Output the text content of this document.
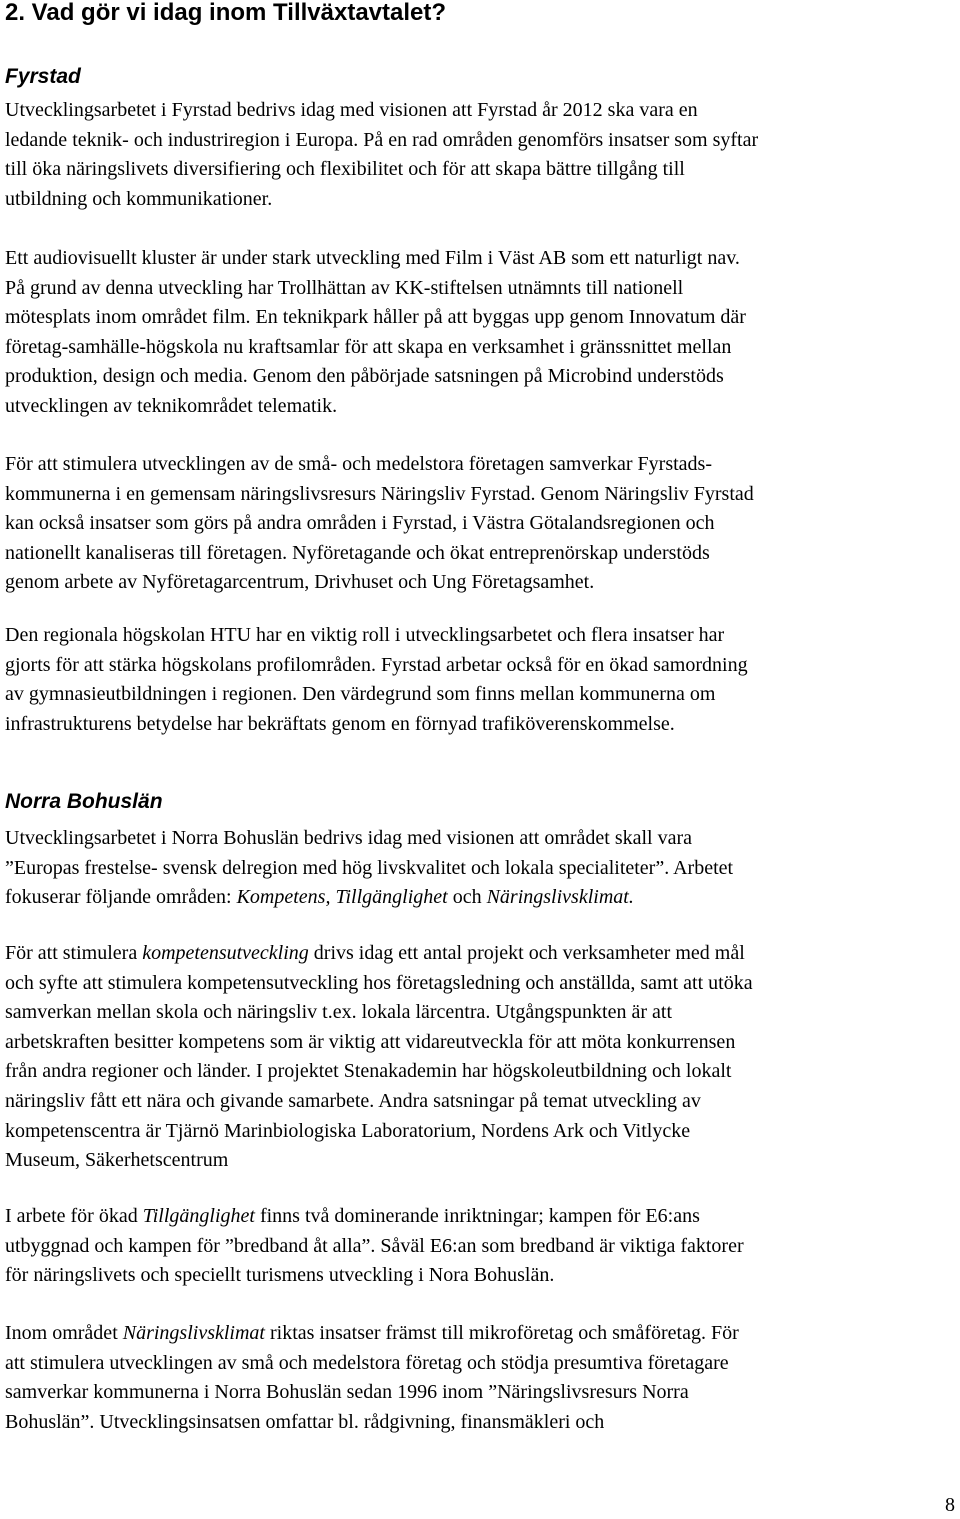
2. Vad gör vi idag inom Tillväxtavtalet?
Fyrstad

Utvecklingsarbetet i Fyrstad bedrivs idag med visionen att Fyrstad år 2012 ska vara en
ledande teknik- och industriregion i Europa. På en rad områden genomförs insatser som syftar
till öka näringslivets diversifiering och flexibilitet och för att skapa bättre tillgång till
utbildning och kommunikationer.

Ett audiovisuellt kluster är under stark utveckling med Film i Väst AB som ett naturligt nav.
På grund av denna utveckling har Trollhättan av KK-stiftelsen utnämnts till nationell
mötesplats inom området film. En teknikpark håller på att byggas upp genom Innovatum där
företag-samhälle-högskola nu kraftsamlar för att skapa en verksamhet i gränssnittet mellan
produktion, design och media. Genom den påbörjade satsningen på Microbind understöds
utvecklingen av teknikområdet telematik.

För att stimulera utvecklingen av de små- och medelstora företagen samverkar Fyrstads-
kommunerna i en gemensam näringslivsresurs Näringsliv Fyrstad. Genom Näringsliv Fyrstad
kan också insatser som görs på andra områden i Fyrstad, i Västra Götalandsregionen och
nationellt kanaliseras till företagen. Nyföretagande och ökat entreprenörskap understöds
genom arbete av Nyföretagarcentrum, Drivhuset och Ung Företagsamhet.

Den regionala högskolan HTU har en viktig roll i utvecklingsarbetet och flera insatser har
gjorts för att stärka högskolans profilområden. Fyrstad arbetar också för en ökad samordning
av gymnasieutbildningen i regionen. Den värdegrund som finns mellan kommunerna om
infrastrukturens betydelse har bekräftats genom en förnyad trafiköverenskommelse.

Norra Bohuslän

Utvecklingsarbetet i Norra Bohuslän bedrivs idag med visionen att området skall vara
”Europas frestelse- svensk delregion med hög livskvalitet och lokala specialiteter”. Arbetet
fokuserar följande områden: Kompetens, Tillgänglighet och Näringslivsklimat.

För att stimulera kompetensutveckling drivs idag ett antal projekt och verksamheter med mål
och syfte att stimulera kompetensutveckling hos företagsledning och anställda, samt att utöka
samverkan mellan skola och näringsliv t.ex. lokala lärcentra. Utgångspunkten är att
arbetskraften besitter kompetens som är viktig att vidareutveckla för att möta konkurrensen
från andra regioner och länder. I projektet Stenakademin har högskoleutbildning och lokalt
näringsliv fått ett nära och givande samarbete. Andra satsningar på temat utveckling av
kompetenscentra är Tjärnö Marinbiologiska Laboratorium, Nordens Ark och Vitlycke
Museum, Säkerhetscentrum

I arbete för ökad Tillgänglighet finns två dominerande inriktningar; kampen för E6:ans
utbyggnad och kampen för ”bredband åt alla”. Såväl E6:an som bredband är viktiga faktorer
för näringslivets och speciellt turismens utveckling i Nora Bohuslän.

Inom området Näringslivsklimat riktas insatser främst till mikroföretag och småföretag. För
att stimulera utvecklingen av små och medelstora företag och stödja presumtiva företagare
samverkar kommunerna i Norra Bohuslän sedan 1996 inom ”Näringslivsresurs Norra
Bohuslän”. Utvecklingsinsatsen omfattar bl. rådgivning, finansmäkleri och

8
